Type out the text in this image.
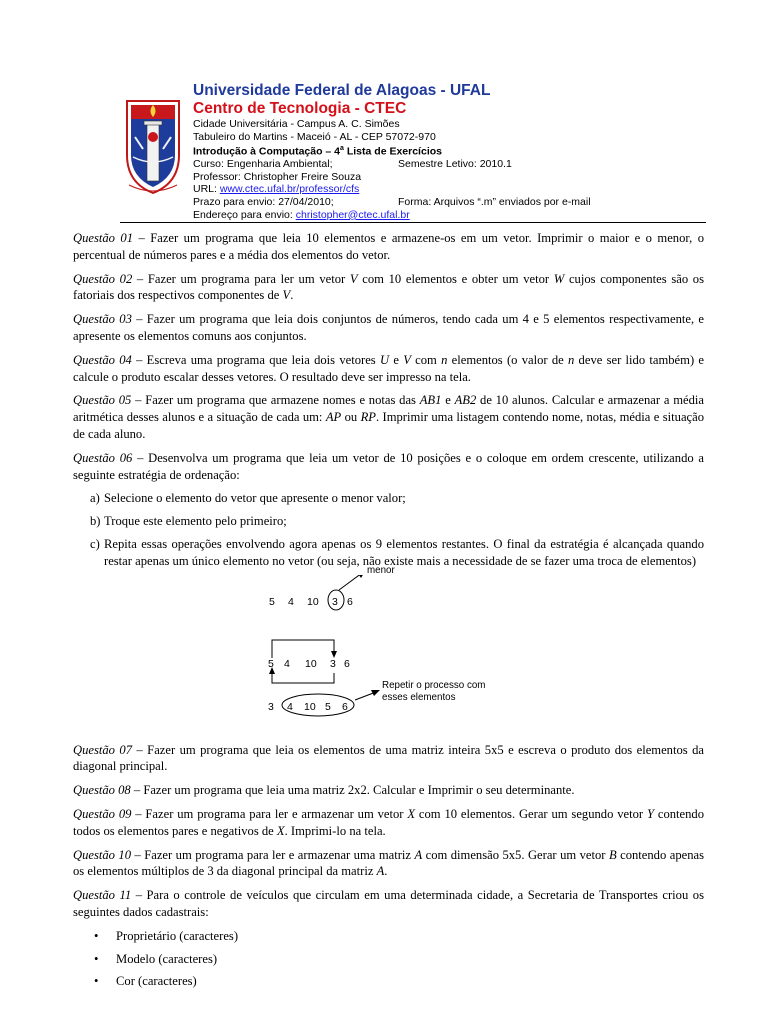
Universidade Federal de Alagoas - UFAL
Centro de Tecnologia - CTEC
Cidade Universitária - Campus A. C. Simões
Tabuleiro do Martins - Maceió - AL - CEP 57072-970
Introdução à Computação – 4$^a$ Lista de Exercícios
Curso: Engenharia Ambiental;	Semestre Letivo: 2010.1
Professor: Christopher Freire Souza
URL: www.ctec.ufal.br/professor/cfs
Prazo para envio: 27/04/2010;	Forma: Arquivos “.m” enviados por e-mail
Endereço para envio: christopher@ctec.ufal.br

Questão 01 – Fazer um programa que leia 10 elementos e armazene-os em um vetor. Imprimir o maior e o menor, o percentual de números pares e a média dos elementos do vetor.

Questão 02 – Fazer um programa para ler um vetor V com 10 elementos e obter um vetor W cujos componentes são os fatoriais dos respectivos componentes de V.

Questão 03 – Fazer um programa que leia dois conjuntos de números, tendo cada um 4 e 5 elementos respectivamente, e apresente os elementos comuns aos conjuntos.

Questão 04 – Escreva uma programa que leia dois vetores U e V com n elementos (o valor de n deve ser lido também) e calcule o produto escalar desses vetores. O resultado deve ser impresso na tela.

Questão 05 – Fazer um programa que armazene nomes e notas das AB1 e AB2 de 10 alunos. Calcular e armazenar a média aritmética desses alunos e a situação de cada um: AP ou RP. Imprimir uma listagem contendo nome, notas, média e situação de cada aluno.

Questão 06 – Desenvolva um programa que leia um vetor de 10 posições e o coloque em ordem crescente, utilizando a seguinte estratégia de ordenação:

a) Selecione o elemento do vetor que apresente o menor valor;
b) Troque este elemento pelo primeiro;
c) Repita essas operações envolvendo agora apenas os 9 elementos restantes. O final da estratégia é alcançada quando restar apenas um único elemento no vetor (ou seja, não existe mais a necessidade de se fazer uma troca de elementos)
menor
5 4 10 3 6
5 4 10 3 6
3 4 10 5 6
Repetir o processo com
esses elementos

Questão 07 – Fazer um programa que leia os elementos de uma matriz inteira 5x5 e escreva o produto dos elementos da diagonal principal.

Questão 08 – Fazer um programa que leia uma matriz 2x2. Calcular e Imprimir o seu determinante.

Questão 09 – Fazer um programa para ler e armazenar um vetor X com 10 elementos. Gerar um segundo vetor Y contendo todos os elementos pares e negativos de X. Imprimi-lo na tela.

Questão 10 – Fazer um programa para ler e armazenar uma matriz A com dimensão 5x5. Gerar um vetor B contendo apenas os elementos múltiplos de 3 da diagonal principal da matriz A.

Questão 11 – Para o controle de veículos que circulam em uma determinada cidade, a Secretaria de Transportes criou os seguintes dados cadastrais:

• Proprietário (caracteres)
• Modelo (caracteres)
• Cor (caracteres)
